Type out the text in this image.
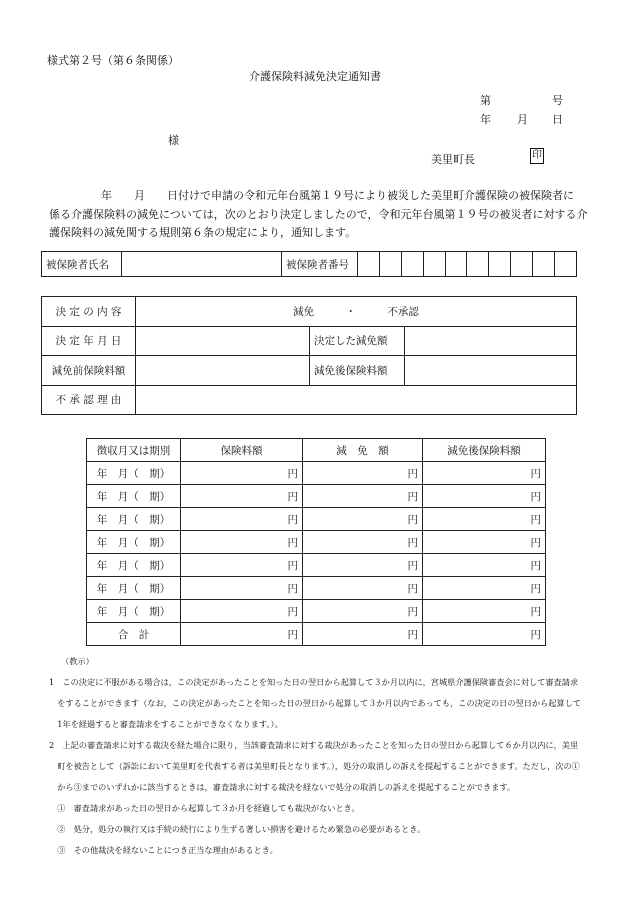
様式第２号（第６条関係）
介護保険料減免決定通知書
第	号
年 月 日
様
美里町長	印

年　　月　　日付けで申請の令和元年台風第１９号により被災した美里町介護保険の被保険者に

係る介護保険料の減免については，次のとおり決定しましたので，令和元年台風第１９号の被災者に対する介

護保険料の減免関する規則第６条の規定により，通知します。

被保険者氏名		被保険者番号										
決 定 の 内 容	減免 ・ 不承認		
決 定 年 月 日		決定した減免額	
減免前保険料額		減免後保険料額	
不 承 認 理 由			
徴収月又は期別	保険料額	減　免　額	減免後保険料額
年　月（　期）	円	円	円
年　月（　期）	円	円	円
年　月（　期）	円	円	円
年　月（　期）	円	円	円
年　月（　期）	円	円	円
年　月（　期）	円	円	円
年　月（　期）	円	円	円
合　計	円	円	円

（教示）

1　この決定に不服がある場合は，この決定があったことを知った日の翌日から起算して３か月以内に，宮城県介護保険審査会に対して審査請求

　をすることができます（なお，この決定があったことを知った日の翌日から起算して３か月以内であっても，この決定の日の翌日から起算して

　1年を経過すると審査請求をすることができなくなります。）。

2　上記の審査請求に対する裁決を経た場合に限り，当該審査請求に対する裁決があったことを知った日の翌日から起算して６か月以内に，美里

　町を被告として（訴訟において美里町を代表する者は美里町長となります。），処分の取消しの訴えを提起することができます。ただし，次の①

　から③までのいずれかに該当するときは，審査請求に対する裁決を経ないで処分の取消しの訴えを提起することができます。

　①　審査請求があった日の翌日から起算して３か月を経過しても裁決がないとき。

　②　処分，処分の執行又は手続の続行により生ずる著しい損害を避けるため緊急の必要があるとき。

　③　その他裁決を経ないことにつき正当な理由があるとき。
